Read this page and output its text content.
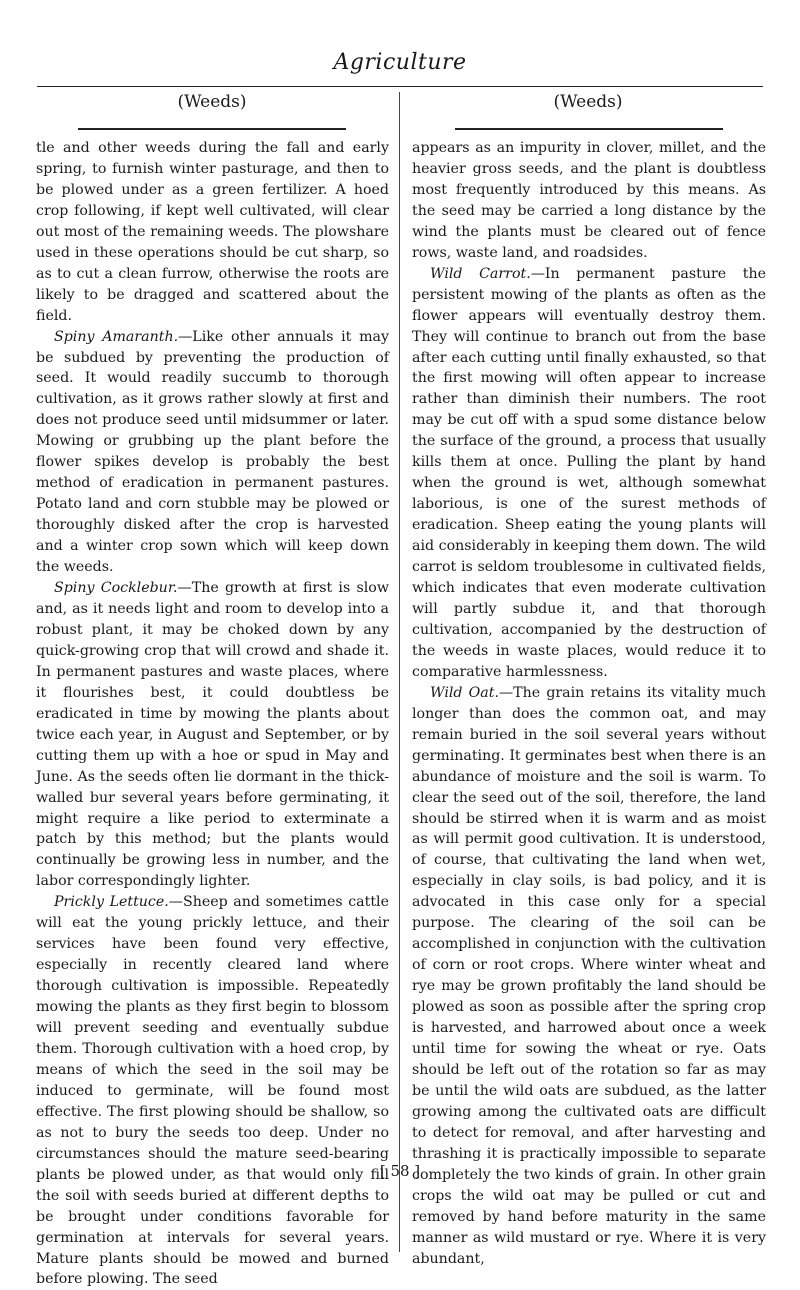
Agriculture
(Weeds)	(Weeds)

tle and other weeds during the fall and early spring, to furnish winter pasturage, and then to be plowed under as a green fertilizer. A hoed crop following, if kept well cultivated, will clear out most of the remaining weeds. The plowshare used in these operations should be cut sharp, so as to cut a clean furrow, otherwise the roots are likely to be dragged and scattered about the field.

Spiny Amaranth.—Like other annuals it may be subdued by preventing the production of seed. It would readily succumb to thorough cultivation, as it grows rather slowly at first and does not produce seed until midsummer or later. Mowing or grubbing up the plant before the flower spikes develop is probably the best method of eradication in permanent pastures. Potato land and corn stubble may be plowed or thoroughly disked after the crop is harvested and a winter crop sown which will keep down the weeds.

Spiny Cocklebur.—The growth at first is slow and, as it needs light and room to develop into a robust plant, it may be choked down by any quick-growing crop that will crowd and shade it. In permanent pastures and waste places, where it flourishes best, it could doubtless be eradicated in time by mowing the plants about twice each year, in August and September, or by cutting them up with a hoe or spud in May and June. As the seeds often lie dormant in the thick-walled bur several years before germinating, it might require a like period to exterminate a patch by this method; but the plants would continually be growing less in number, and the labor correspondingly lighter.

Prickly Lettuce.—Sheep and sometimes cattle will eat the young prickly lettuce, and their services have been found very effective, especially in recently cleared land where thorough cultivation is impossible. Repeatedly mowing the plants as they first begin to blossom will prevent seeding and eventually subdue them. Thorough cultivation with a hoed crop, by means of which the seed in the soil may be induced to germinate, will be found most effective. The first plowing should be shallow, so as not to bury the seeds too deep. Under no circumstances should the mature seed-bearing plants be plowed under, as that would only fill the soil with seeds buried at different depths to be brought under conditions favorable for germination at intervals for several years. Mature plants should be mowed and burned before plowing. The seed

appears as an impurity in clover, millet, and the heavier gross seeds, and the plant is doubtless most frequently introduced by this means. As the seed may be carried a long distance by the wind the plants must be cleared out of fence rows, waste land, and roadsides.

Wild Carrot.—In permanent pasture the persistent mowing of the plants as often as the flower appears will eventually destroy them. They will continue to branch out from the base after each cutting until finally exhausted, so that the first mowing will often appear to increase rather than diminish their numbers. The root may be cut off with a spud some distance below the surface of the ground, a process that usually kills them at once. Pulling the plant by hand when the ground is wet, although somewhat laborious, is one of the surest methods of eradication. Sheep eating the young plants will aid considerably in keeping them down. The wild carrot is seldom troublesome in cultivated fields, which indicates that even moderate cultivation will partly subdue it, and that thorough cultivation, accompanied by the destruction of the weeds in waste places, would reduce it to comparative harmlessness.

Wild Oat.—The grain retains its vitality much longer than does the common oat, and may remain buried in the soil several years without germinating. It germinates best when there is an abundance of moisture and the soil is warm. To clear the seed out of the soil, therefore, the land should be stirred when it is warm and as moist as will permit good cultivation. It is understood, of course, that cultivating the land when wet, especially in clay soils, is bad policy, and it is advocated in this case only for a special purpose. The clearing of the soil can be accomplished in conjunction with the cultivation of corn or root crops. Where winter wheat and rye may be grown profitably the land should be plowed as soon as possible after the spring crop is harvested, and harrowed about once a week until time for sowing the wheat or rye. Oats should be left out of the rotation so far as may be until the wild oats are subdued, as the latter growing among the cultivated oats are difficult to detect for removal, and after harvesting and thrashing it is practically impossible to separate completely the two kinds of grain. In other grain crops the wild oat may be pulled or cut and removed by hand before maturity in the same manner as wild mustard or rye. Where it is very abundant,

[ 58 ]
